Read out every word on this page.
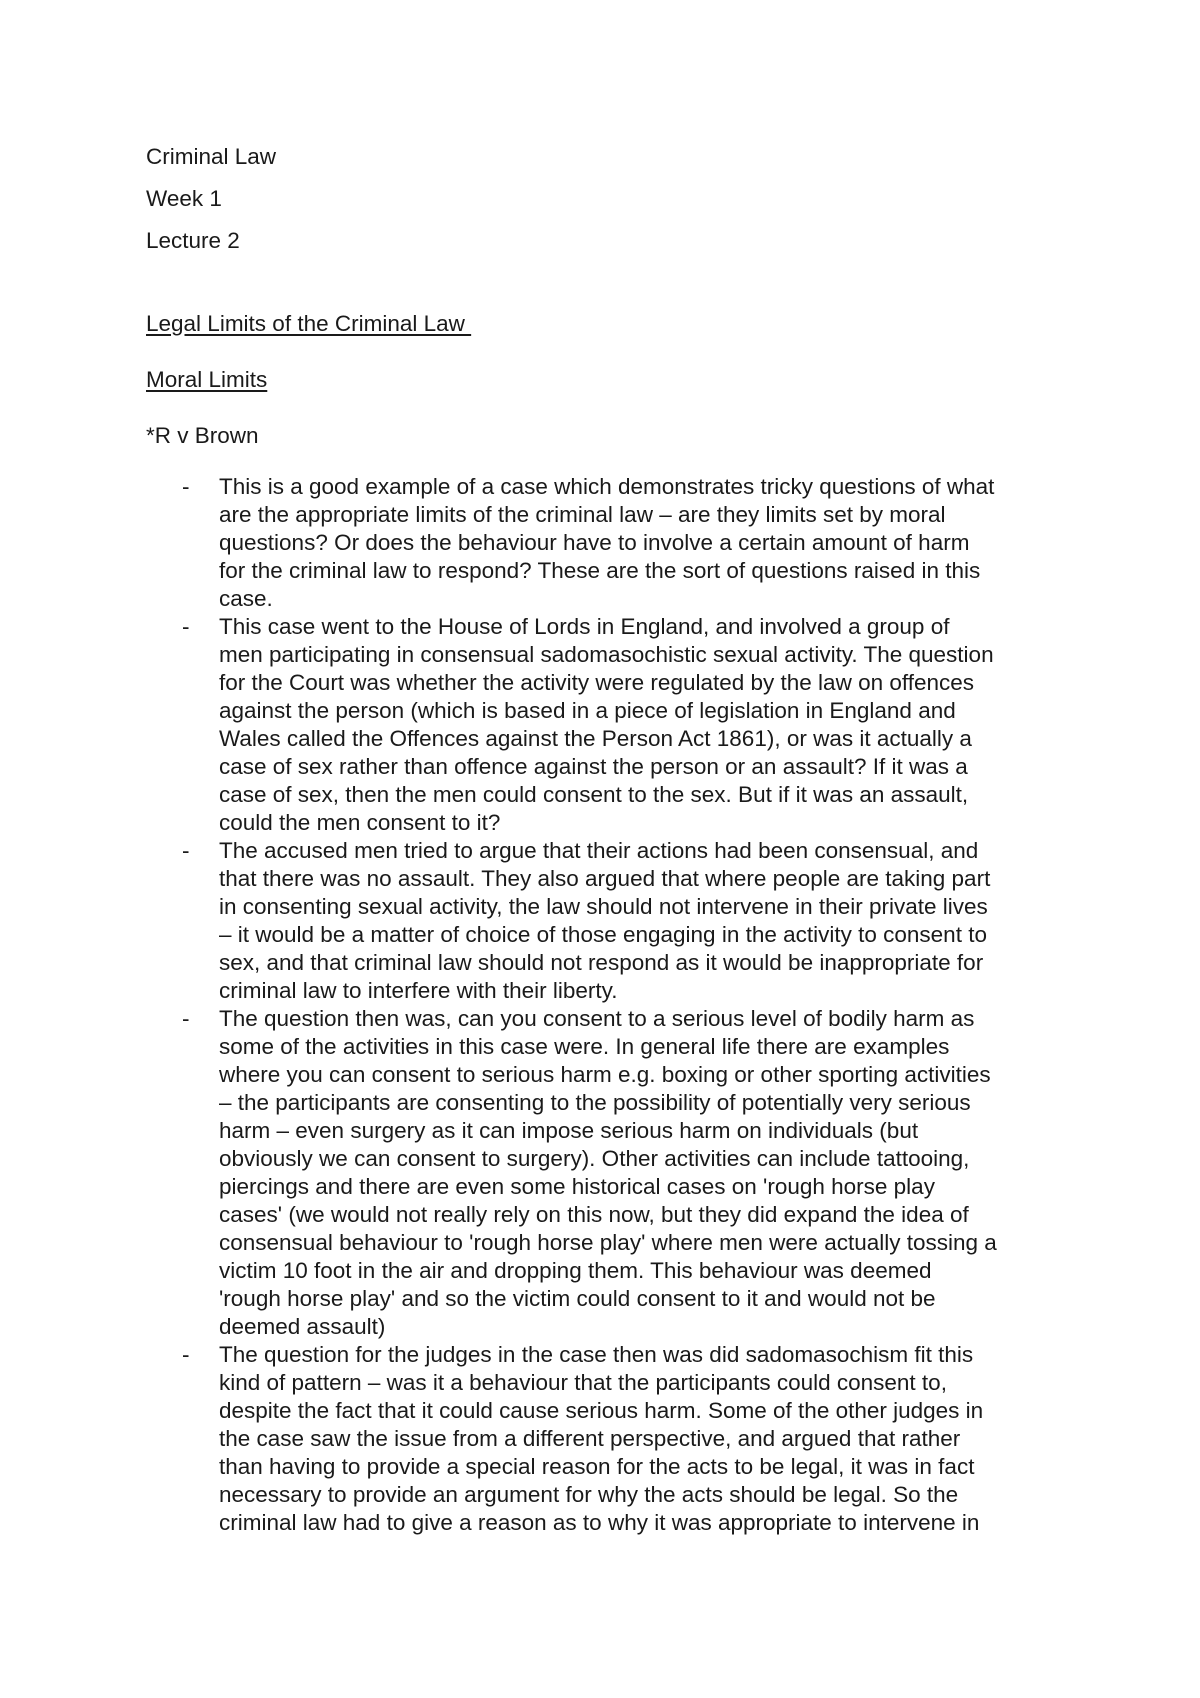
Criminal Law

Week 1

Lecture 2

Legal Limits of the Criminal Law

Moral Limits

*R v Brown

-	This is a good example of a case which demonstrates tricky questions of what
are the appropriate limits of the criminal law – are they limits set by moral
questions? Or does the behaviour have to involve a certain amount of harm
for the criminal law to respond? These are the sort of questions raised in this
case.
-	This case went to the House of Lords in England, and involved a group of
men participating in consensual sadomasochistic sexual activity. The question
for the Court was whether the activity were regulated by the law on offences
against the person (which is based in a piece of legislation in England and
Wales called the Offences against the Person Act 1861), or was it actually a
case of sex rather than offence against the person or an assault? If it was a
case of sex, then the men could consent to the sex. But if it was an assault,
could the men consent to it?
-	The accused men tried to argue that their actions had been consensual, and
that there was no assault. They also argued that where people are taking part
in consenting sexual activity, the law should not intervene in their private lives
– it would be a matter of choice of those engaging in the activity to consent to
sex, and that criminal law should not respond as it would be inappropriate for
criminal law to interfere with their liberty.
-	The question then was, can you consent to a serious level of bodily harm as
some of the activities in this case were. In general life there are examples
where you can consent to serious harm e.g. boxing or other sporting activities
– the participants are consenting to the possibility of potentially very serious
harm – even surgery as it can impose serious harm on individuals (but
obviously we can consent to surgery). Other activities can include tattooing,
piercings and there are even some historical cases on 'rough horse play
cases' (we would not really rely on this now, but they did expand the idea of
consensual behaviour to 'rough horse play' where men were actually tossing a
victim 10 foot in the air and dropping them. This behaviour was deemed
'rough horse play' and so the victim could consent to it and would not be
deemed assault)
-	The question for the judges in the case then was did sadomasochism fit this
kind of pattern – was it a behaviour that the participants could consent to,
despite the fact that it could cause serious harm. Some of the other judges in
the case saw the issue from a different perspective, and argued that rather
than having to provide a special reason for the acts to be legal, it was in fact
necessary to provide an argument for why the acts should be legal. So the
criminal law had to give a reason as to why it was appropriate to intervene in
